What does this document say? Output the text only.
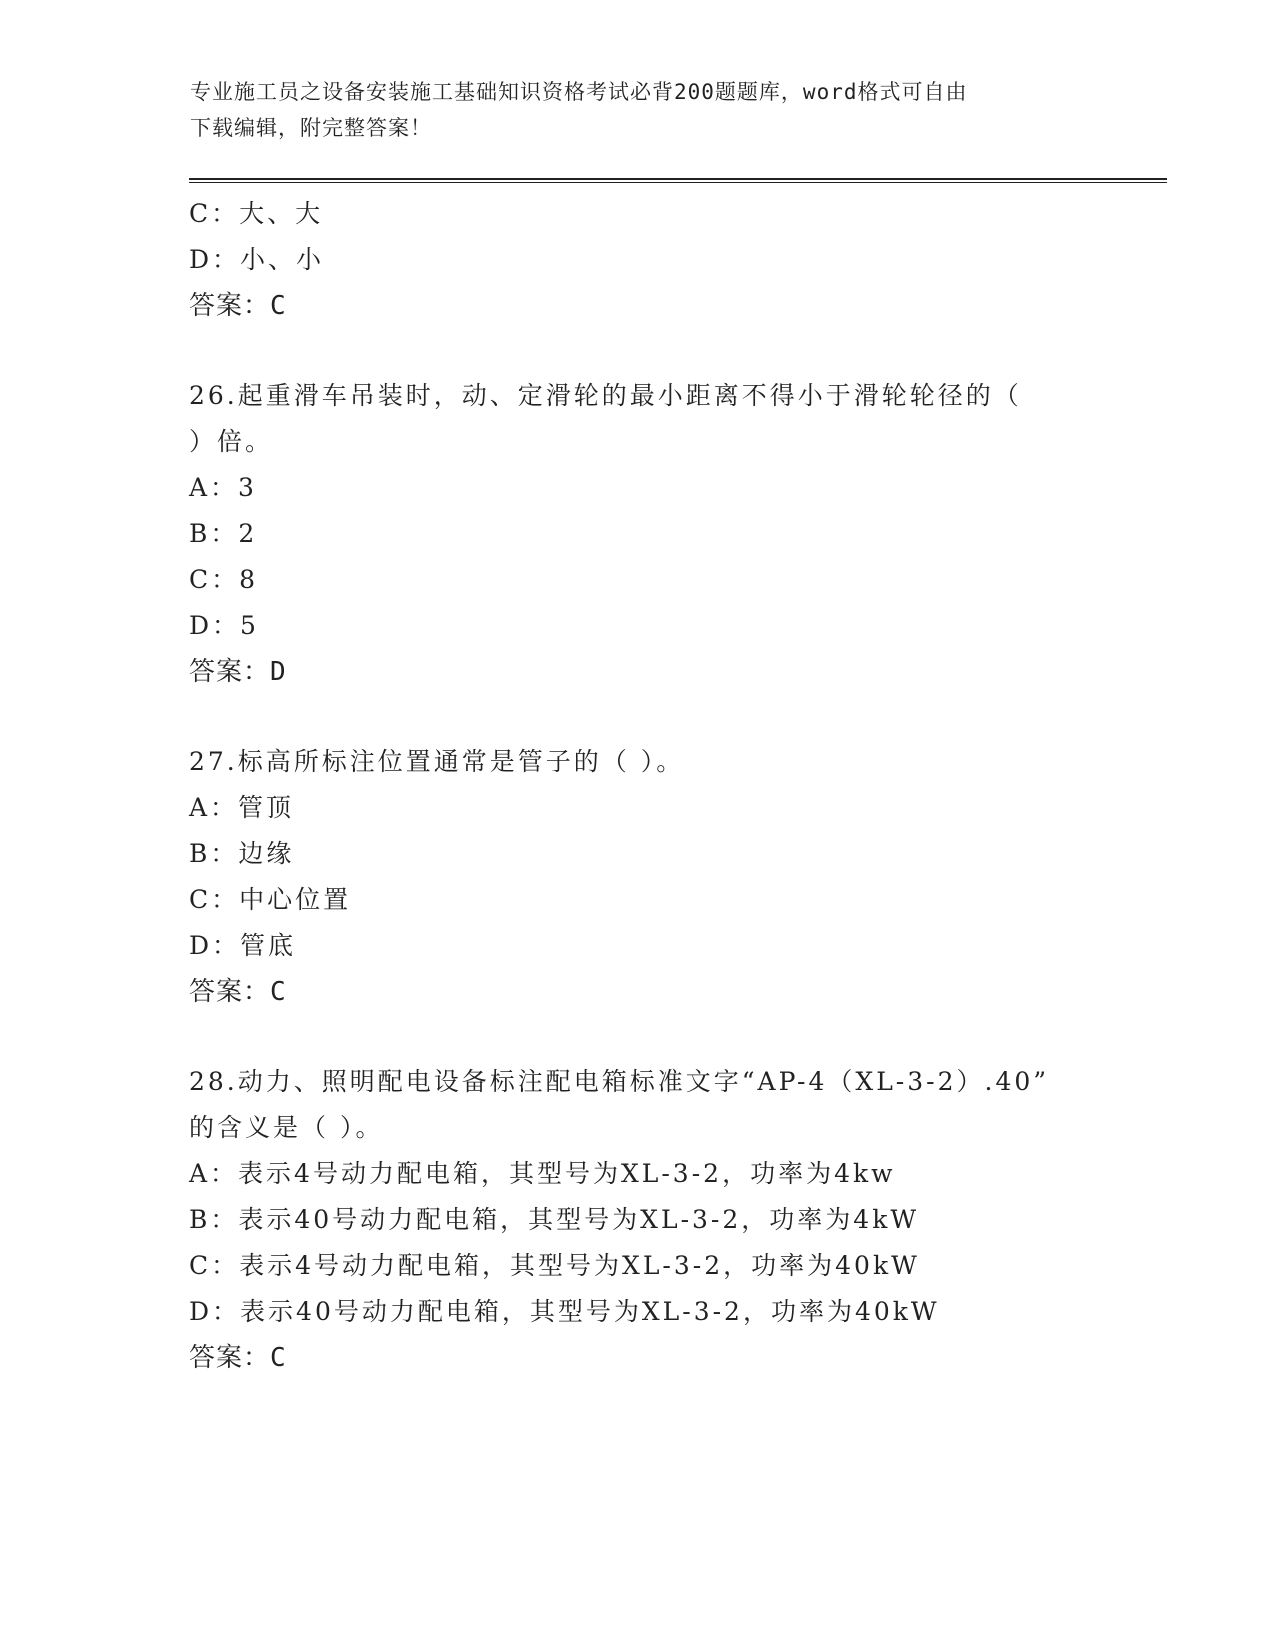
专业施工员之设备安装施工基础知识资格考试必背200题题库，word格式可自由
下载编辑，附完整答案！
C：大、大
D：小、小
答案：C
26.起重滑车吊装时，动、定滑轮的最小距离不得小于滑轮轮径的（
）倍。
A：3
B：2
C：8
D：5
答案：D
27.标高所标注位置通常是管子的（ ）。
A：管顶
B：边缘
C：中心位置
D：管底
答案：C
28.动力、照明配电设备标注配电箱标准文字“AP-4（XL-3-2）.40”
的含义是（ ）。
A：表示4号动力配电箱，其型号为XL-3-2，功率为4kw
B：表示40号动力配电箱，其型号为XL-3-2，功率为4kW
C：表示4号动力配电箱，其型号为XL-3-2，功率为40kW
D：表示40号动力配电箱，其型号为XL-3-2，功率为40kW
答案：C
